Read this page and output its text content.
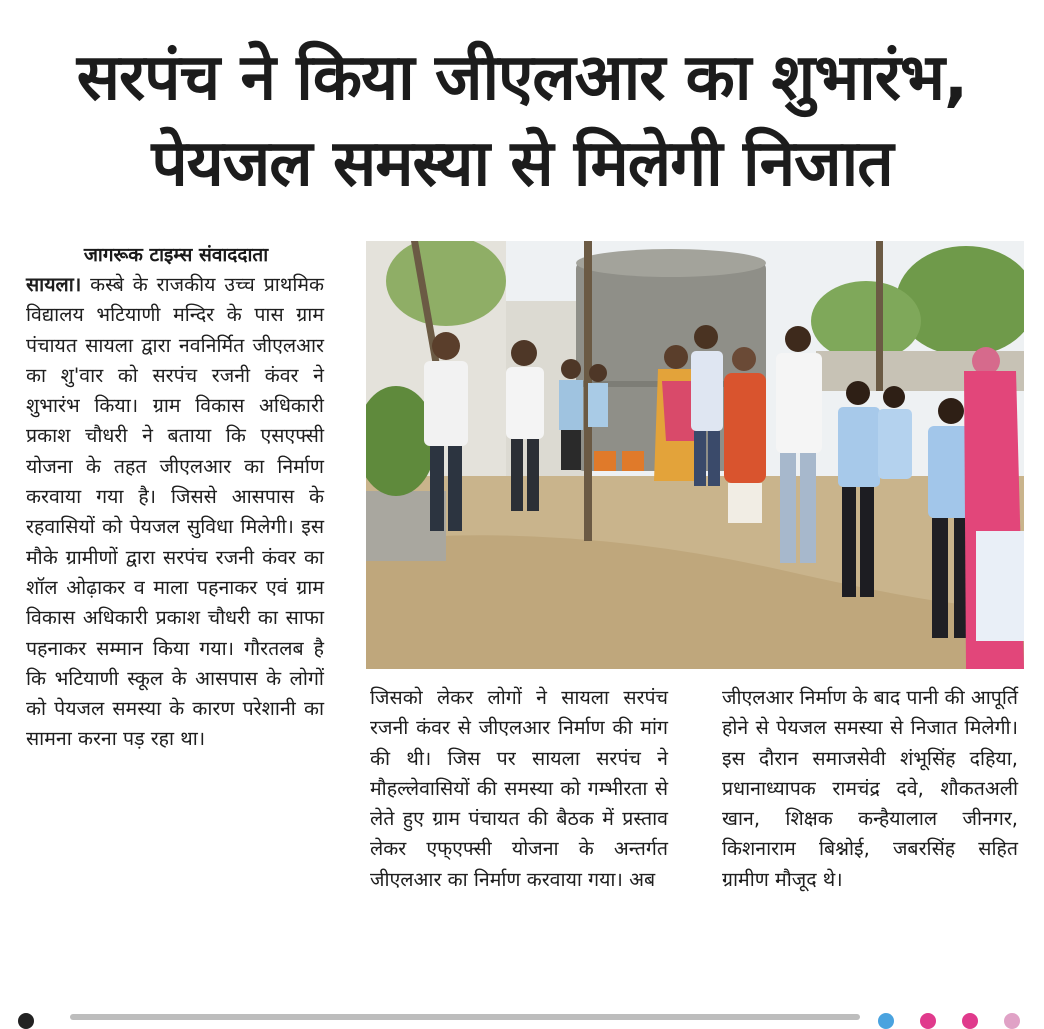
सरपंच ने किया जीएलआर का शुभारंभ,
पेयजल समस्या से मिलेगी निजात
जागरूक टाइम्स संवाददाता
सायला। कस्बे के राजकीय उच्च प्राथमिक विद्यालय भटियाणी मन्दिर के पास ग्राम पंचायत सायला द्वारा नवनिर्मित जीएलआर का शु'वार को सरपंच रजनी कंवर ने शुभारंभ किया। ग्राम विकास अधिकारी प्रकाश चौधरी ने बताया कि एसएफ्सी योजना के तहत जीएलआर का निर्माण करवाया गया है। जिससे आसपास के रहवासियों को पेयजल सुविधा मिलेगी। इस मौके ग्रामीणों द्वारा सरपंच रजनी कंवर का शॉल ओढ़ाकर व माला पहनाकर एवं ग्राम विकास अधिकारी प्रकाश चौधरी का साफा पहनाकर सम्मान किया गया। गौरतलब है कि भटियाणी स्कूल के आसपास के लोगों को पेयजल समस्या के कारण परेशानी का सामना करना पड़ रहा था।
जिसको लेकर लोगों ने सायला सरपंच रजनी कंवर से जीएलआर निर्माण की मांग की थी। जिस पर सायला सरपंच ने मौहल्लेवासियों की समस्या को गम्भीरता से लेते हुए ग्राम पंचायत की बैठक में प्रस्ताव लेकर एफ्एफ्सी योजना के अन्तर्गत जीएलआर का निर्माण करवाया गया। अब
जीएलआर निर्माण के बाद पानी की आपूर्ति होने से पेयजल समस्या से निजात मिलेगी। इस दौरान समाजसेवी शंभूसिंह दहिया, प्रधानाध्यापक रामचंद्र दवे, शौकतअली खान, शिक्षक कन्हैयालाल जीनगर, किशनाराम बिश्नोई, जबरसिंह सहित ग्रामीण मौजूद थे।
